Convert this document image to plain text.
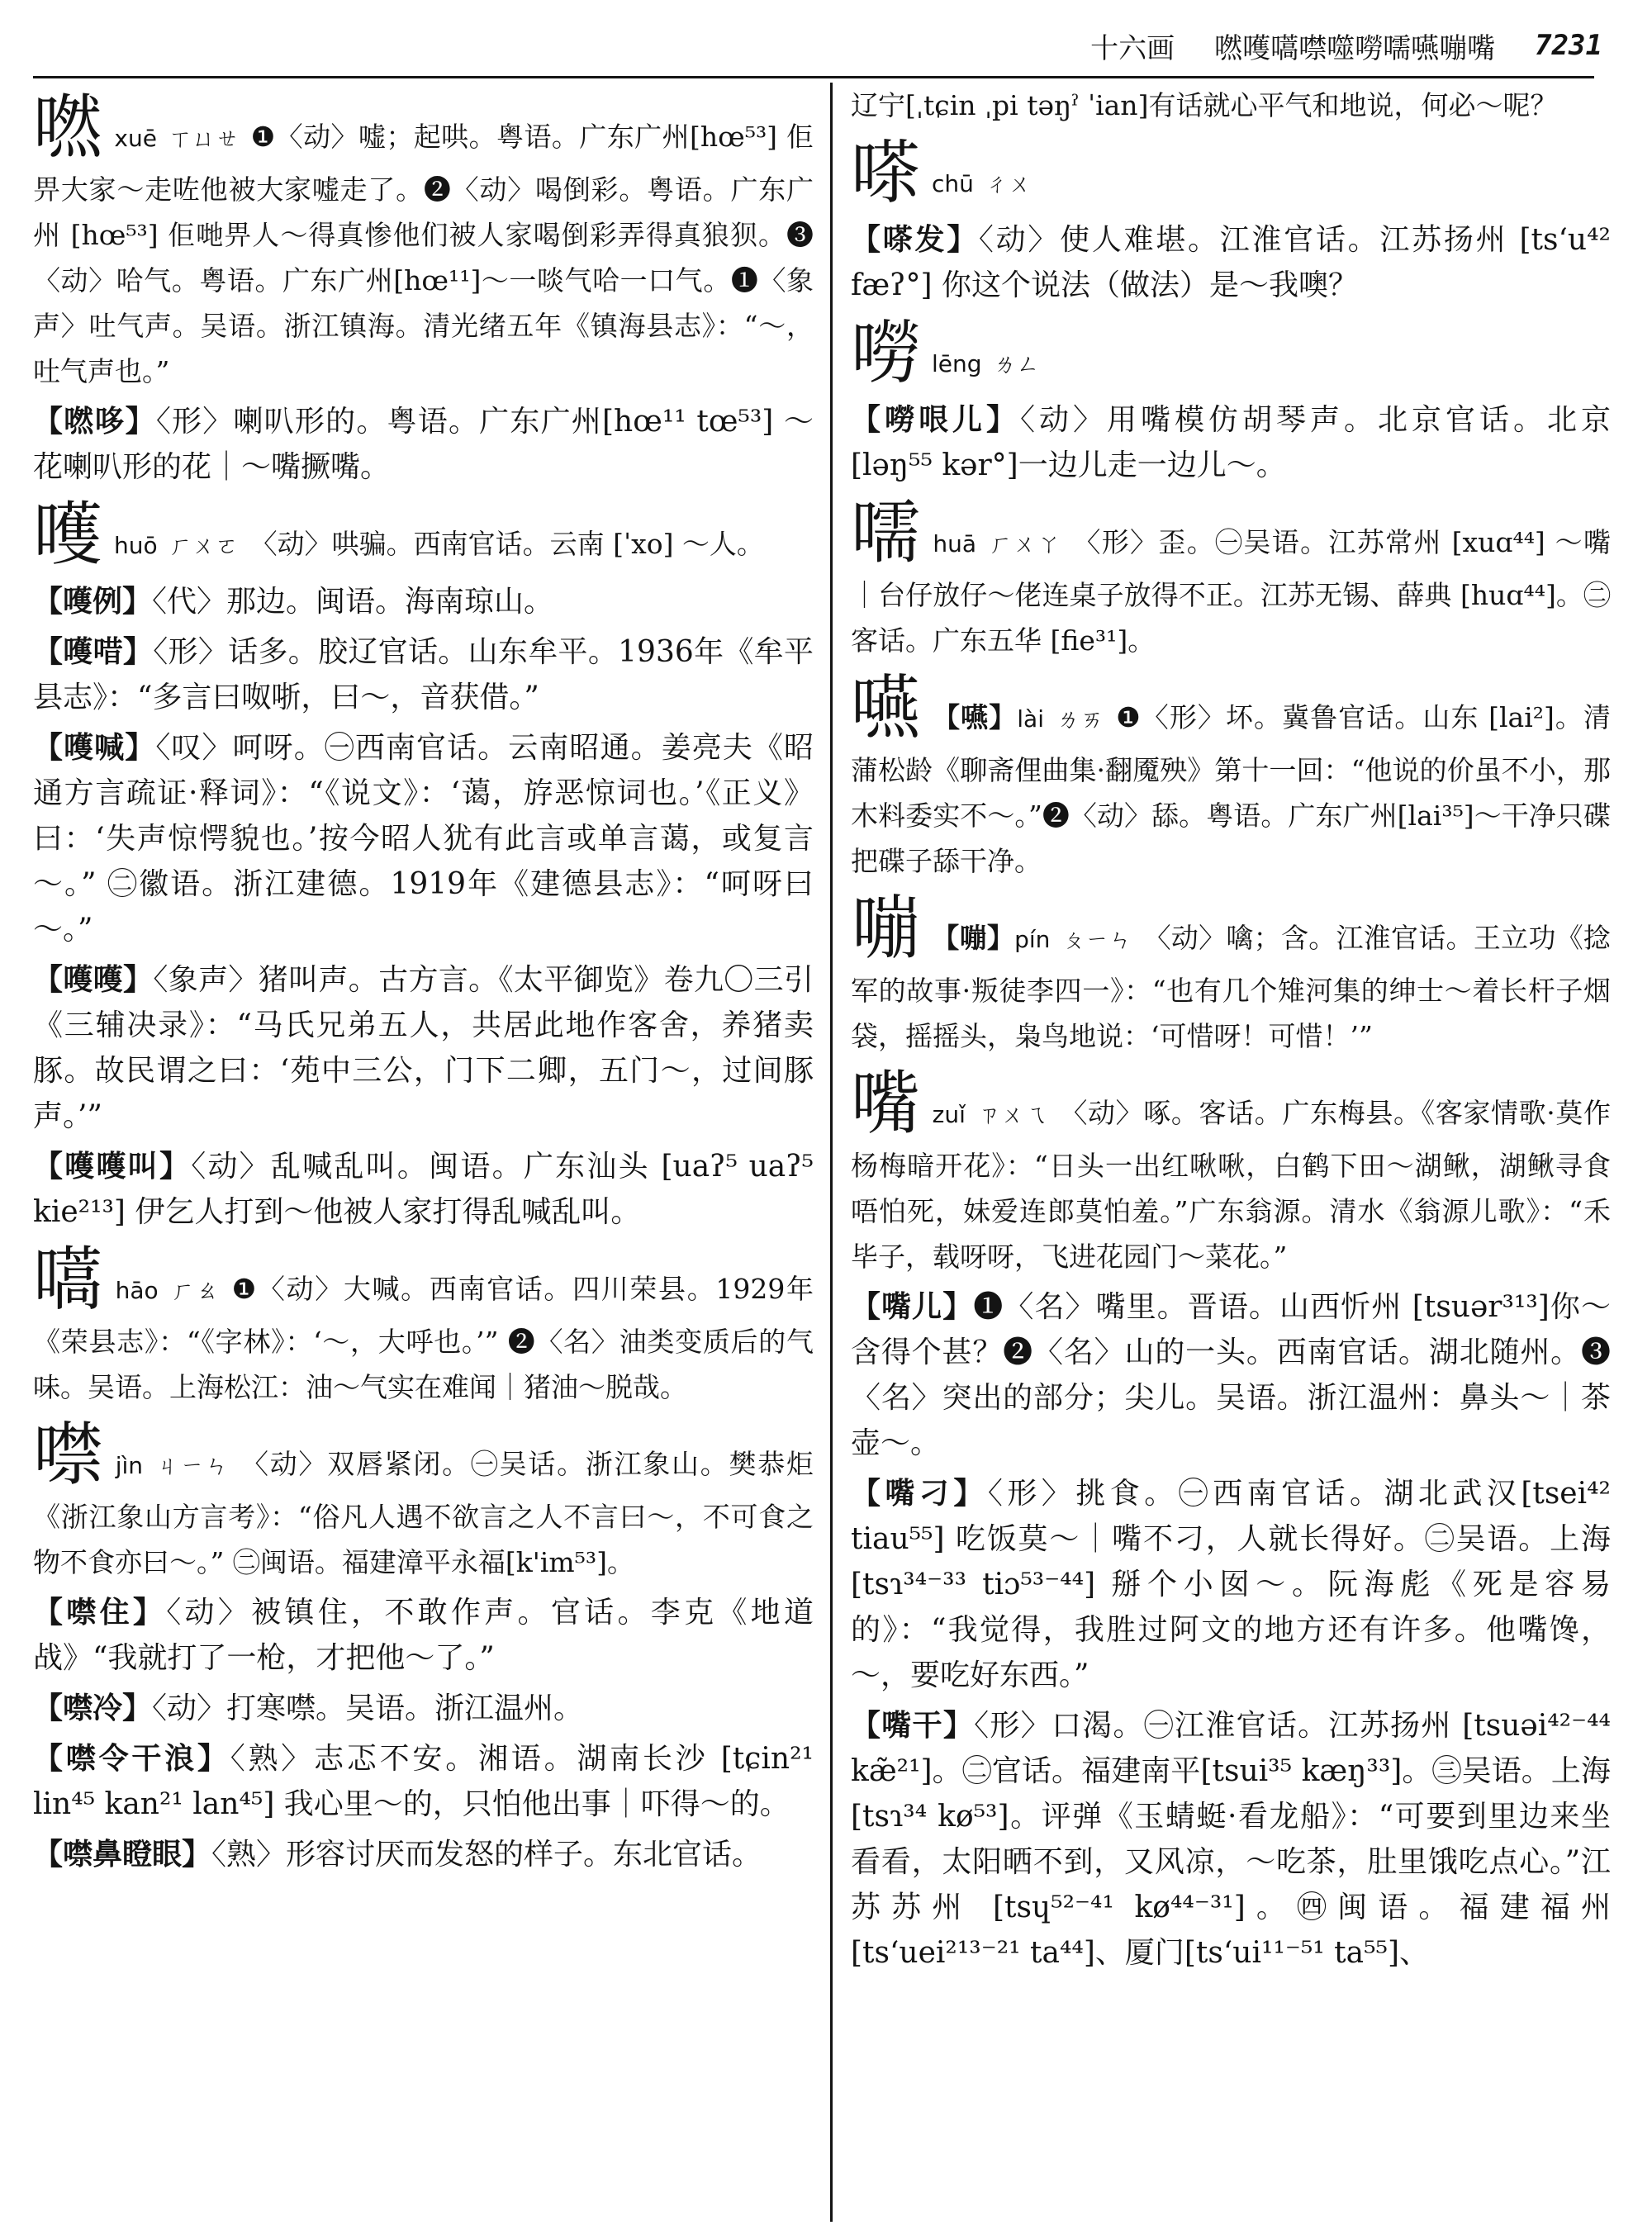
十六画 嘫嚄嚆噤噬嘮嚅嚥嘣嘴 7231
嘫xuē ㄒㄩㄝ ❶〈动〉嘘；起哄。粤语。广东广州[hœ⁵³] 佢畀大家～走咗他被大家嘘走了。❷〈动〉喝倒彩。粤语。广东广州 [hœ⁵³] 佢哋畀人～得真惨他们被人家喝倒彩弄得真狼狈。❸〈动〉哈气。粤语。广东广州[hœ¹¹]～一啖气哈一口气。❶〈象声〉吐气声。吴语。浙江镇海。清光绪五年《镇海县志》：“～，吐气声也。”
【嘫哆】〈形〉喇叭形的。粤语。广东广州[hœ¹¹ tœ⁵³] ～花喇叭形的花｜～嘴撅嘴。
嚄huō ㄏㄨㄛ 〈动〉哄骗。西南官话。云南 [ˈxo] ～人。
【嚄例】〈代〉那边。闽语。海南琼山。
【嚄唶】〈形〉话多。胶辽官话。山东牟平。1936年《牟平县志》：“多言曰呶哳，曰～，音获借。”
【嚄喊】〈叹〉呵呀。㊀西南官话。云南昭通。姜亮夫《昭通方言疏证·释词》：“《说文》：‘蔼，斿恶惊词也。’《正义》曰：‘失声惊愕貌也。’按今昭人犹有此言或单言蔼，或复言～。” ㊁徽语。浙江建德。1919年《建德县志》：“呵呀曰～。”
【嚄嚄】〈象声〉猪叫声。古方言。《太平御览》卷九〇三引《三辅决录》：“马氏兄弟五人，共居此地作客舍，养猪卖豚。故民谓之曰：‘苑中三公，门下二卿，五门～，过间豚声。’”
【嚄嚄叫】〈动〉乱喊乱叫。闽语。广东汕头 [uaʔ⁵ uaʔ⁵ kie²¹³] 伊乞人打到～他被人家打得乱喊乱叫。
嚆hāo ㄏㄠ ❶〈动〉大喊。西南官话。四川荣县。1929年《荣县志》：“《字林》：‘～，大呼也。’” ❷〈名〉油类变质后的气味。吴语。上海松江：油～气实在难闻｜猪油～脱哉。
噤jìn ㄐㄧㄣ 〈动〉双唇紧闭。㊀吴话。浙江象山。樊恭炬《浙江象山方言考》：“俗凡人遇不欲言之人不言曰～，不可食之物不食亦曰～。” ㊁闽语。福建漳平永福[k'im⁵³]。
【噤住】〈动〉被镇住，不敢作声。官话。李克《地道战》“我就打了一枪，才把他～了。”
【噤冷】〈动〉打寒噤。吴语。浙江温州。
【噤令干浪】〈熟〉志忑不安。湘语。湖南长沙 [tɕin²¹ lin⁴⁵ kan²¹ lan⁴⁵] 我心里～的，只怕他出事｜吓得～的。
【噤鼻瞪眼】〈熟〉形容讨厌而发怒的样子。东北官话。
辽宁[ˌtɕin ˌpi təŋˀ ˈian]有话就心平气和地说，何必～呢？
嗏chū ㄔㄨ
【嗏发】〈动〉使人难堪。江淮官话。江苏扬州 [tsʻu⁴² fæʔ°] 你这个说法（做法）是～我噢？
嘮lēng ㄌㄥ
【嘮哏儿】〈动〉用嘴模仿胡琴声。北京官话。北京 [ləŋ⁵⁵ kər°]一边儿走一边儿～。
嚅huā ㄏㄨㄚ 〈形〉歪。㊀吴语。江苏常州 [xuɑ⁴⁴] ～嘴｜台仔放仔～佬连桌子放得不正。江苏无锡、薛典 [huɑ⁴⁴]。㊁客话。广东五华 [fie³¹]。
嚥 【嚥】lài ㄌㄞ ❶〈形〉坏。冀鲁官话。山东 [lai²]。清蒲松龄《聊斋俚曲集·翻魇殃》第十一回：“他说的价虽不小，那木料委实不～。”❷〈动〉舔。粤语。广东广州[lai³⁵]～干净只碟把碟子舔干净。
嘣 【嘣】pín ㄆㄧㄣ 〈动〉噙；含。江淮官话。王立功《捻军的故事·叛徒李四一》：“也有几个雉河集的绅士～着长杆子烟袋，摇摇头，枭鸟地说：‘可惜呀！可惜！’”
嘴zuǐ ㄗㄨㄟ 〈动〉啄。客话。广东梅县。《客家情歌·莫作杨梅暗开花》：“日头一出红啾啾，白鹤下田～湖鳅，湖鳅寻食唔怕死，妹爱连郎莫怕羞。”广东翁源。清水《翁源儿歌》：“禾毕子，载呀呀，飞进花园门～菜花。”
【嘴儿】❶〈名〉嘴里。晋语。山西忻州 [tsuər³¹³]你～含得个甚？❷〈名〉山的一头。西南官话。湖北随州。❸〈名〉突出的部分；尖儿。吴语。浙江温州：鼻头～｜茶壶～。
【嘴刁】〈形〉挑食。㊀西南官话。湖北武汉[tsei⁴² tiau⁵⁵] 吃饭莫～｜嘴不刁，人就长得好。㊁吴语。上海 [tsɿ³⁴⁻³³ tiɔ⁵³⁻⁴⁴] 掰个小囡～。阮海彪《死是容易的》：“我觉得，我胜过阿文的地方还有许多。他嘴馋，～，要吃好东西。”
【嘴干】〈形〉口渴。㊀江淮官话。江苏扬州 [tsuəi⁴²⁻⁴⁴ kæ̃²¹]。㊁官话。福建南平[tsui³⁵ kæŋ³³]。㊂吴语。上海[tsɿ³⁴ kø⁵³]。评弹《玉蜻蜓·看龙船》：“可要到里边来坐看看，太阳晒不到，又风凉，～吃茶，肚里饿吃点心。”江苏苏州 [tsɥ⁵²⁻⁴¹ kø⁴⁴⁻³¹]。㊃闽语。福建福州[tsʻuei²¹³⁻²¹ ta⁴⁴]、厦门[tsʻui¹¹⁻⁵¹ ta⁵⁵]、
